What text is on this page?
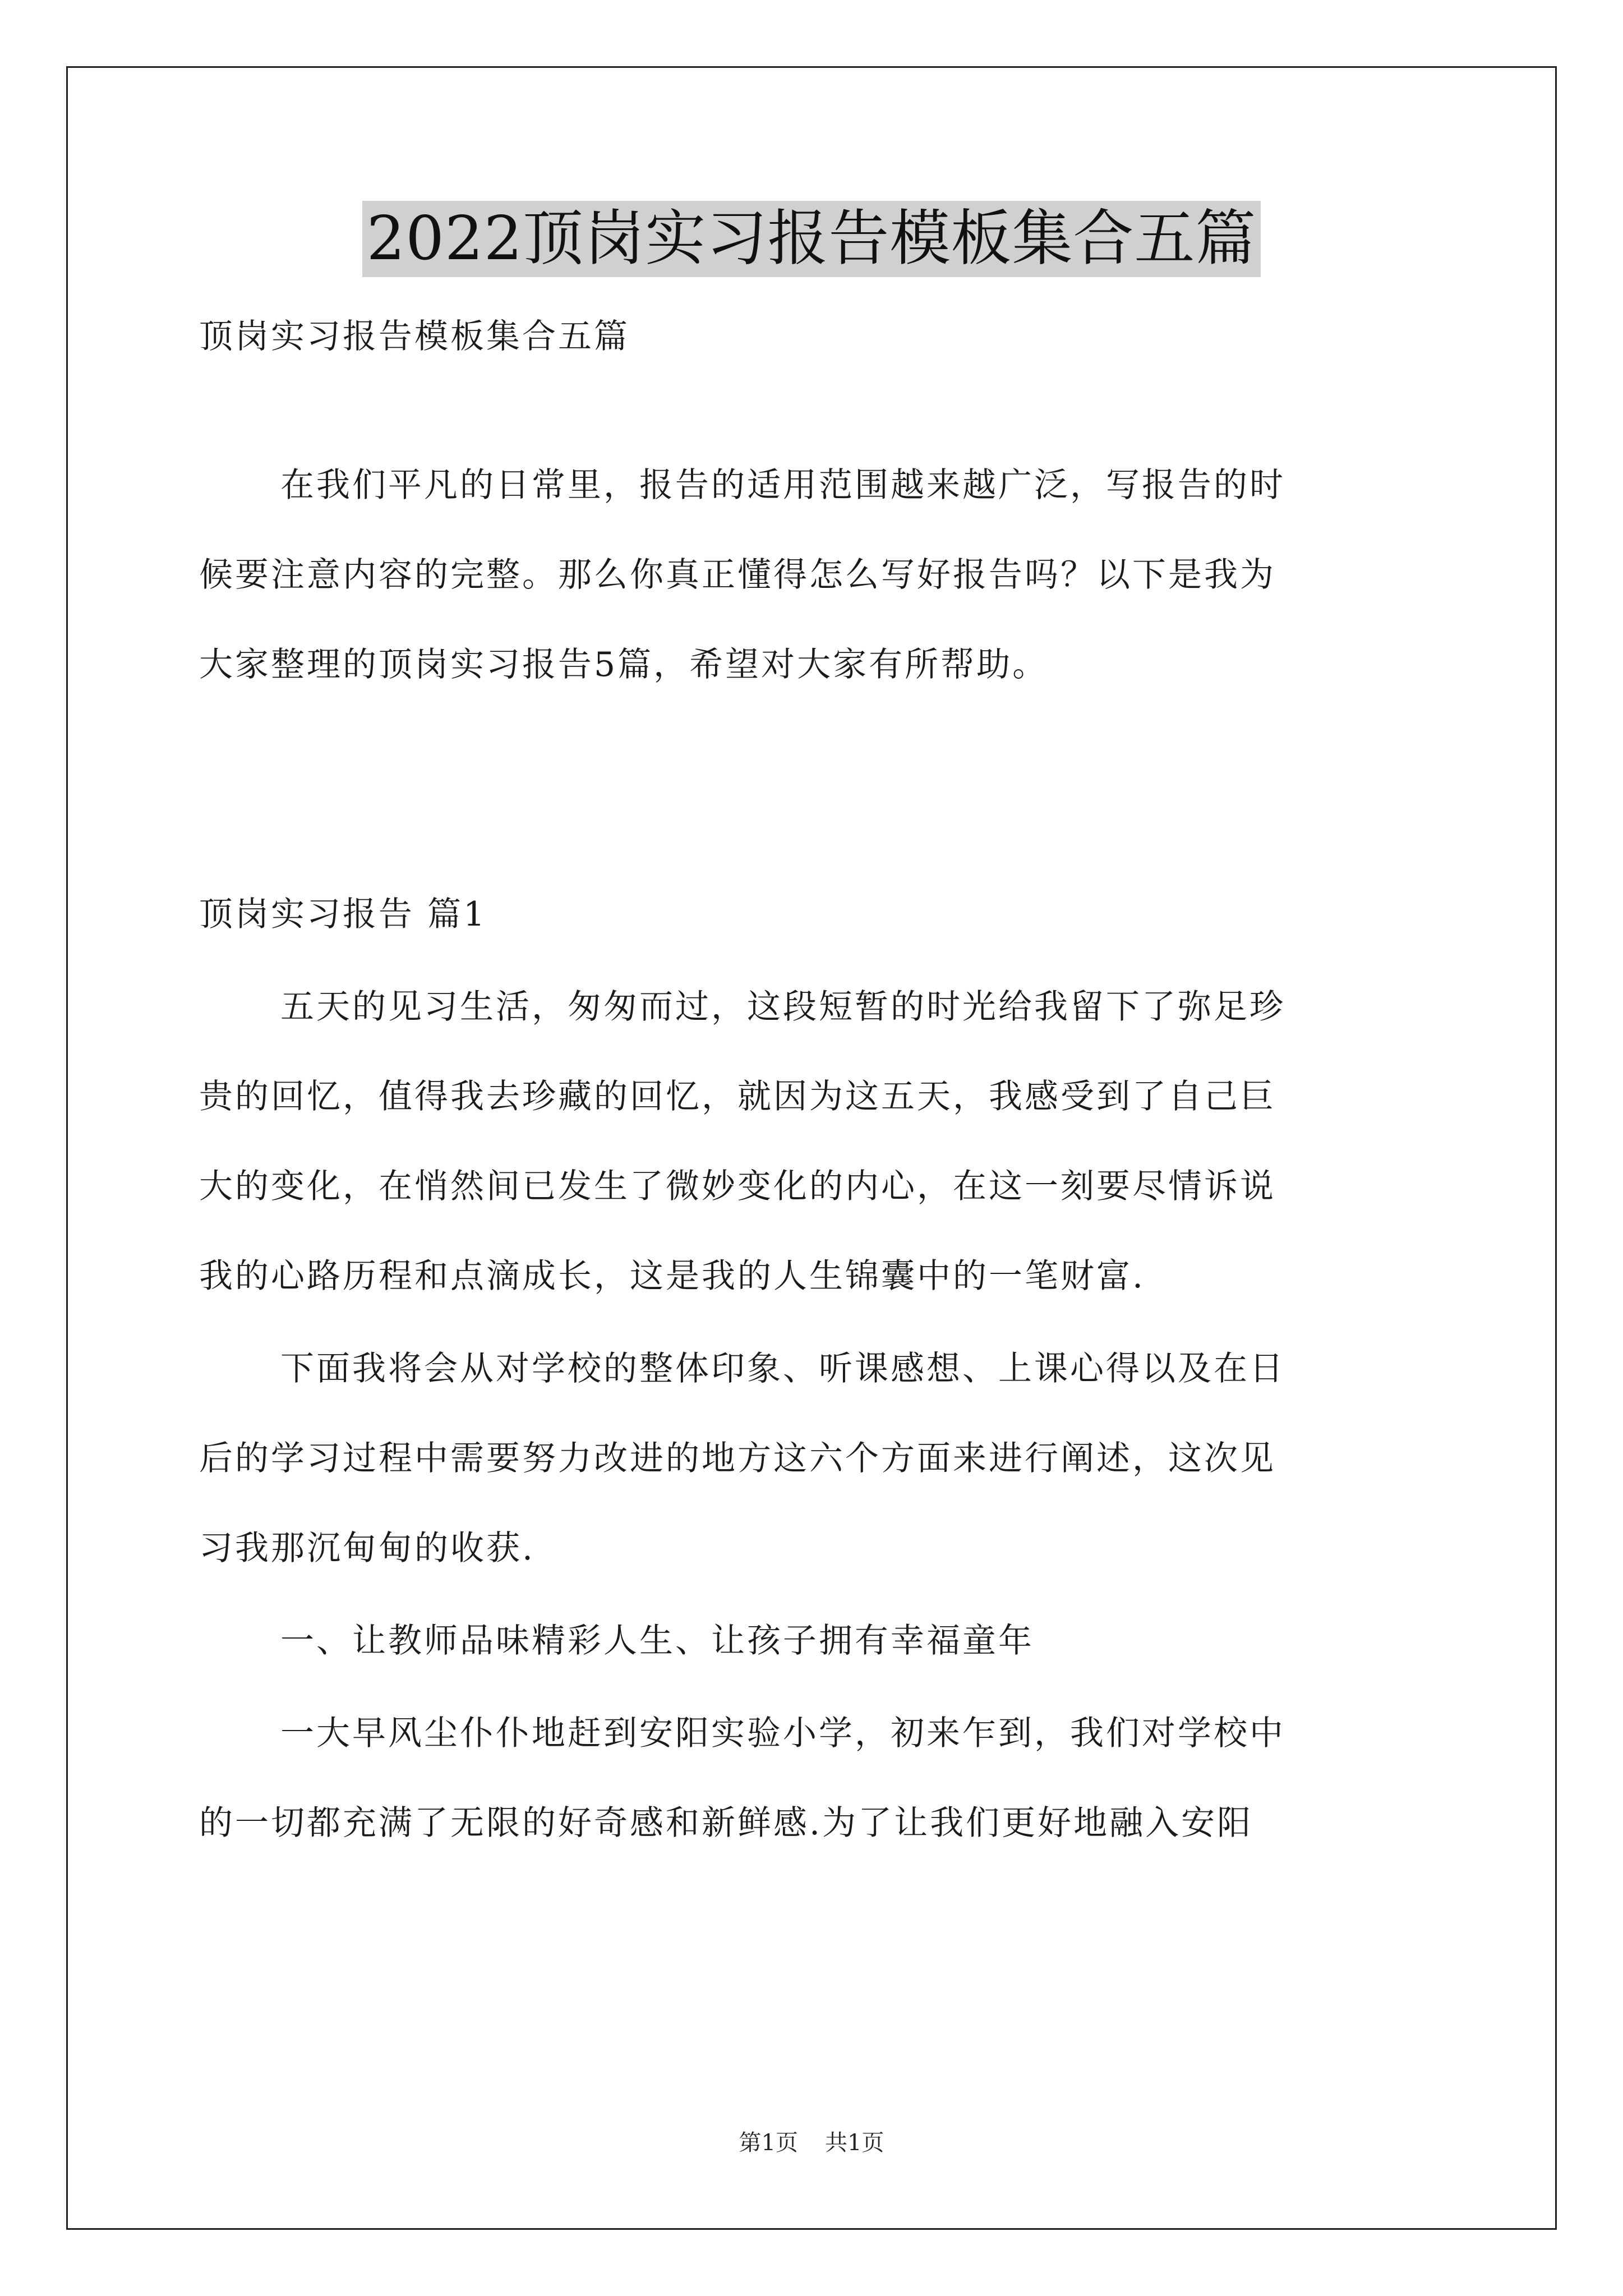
2022顶岗实习报告模板集合五篇
顶岗实习报告模板集合五篇
在我们平凡的日常里，报告的适用范围越来越广泛，写报告的时
候要注意内容的完整。那么你真正懂得怎么写好报告吗？以下是我为
大家整理的顶岗实习报告5篇，希望对大家有所帮助。
顶岗实习报告 篇1
五天的见习生活，匆匆而过，这段短暂的时光给我留下了弥足珍
贵的回忆，值得我去珍藏的回忆，就因为这五天，我感受到了自己巨
大的变化，在悄然间已发生了微妙变化的内心，在这一刻要尽情诉说
我的心路历程和点滴成长，这是我的人生锦囊中的一笔财富.
下面我将会从对学校的整体印象、听课感想、上课心得以及在日
后的学习过程中需要努力改进的地方这六个方面来进行阐述，这次见
习我那沉甸甸的收获.
一、让教师品味精彩人生、让孩子拥有幸福童年
一大早风尘仆仆地赶到安阳实验小学，初来乍到，我们对学校中
的一切都充满了无限的好奇感和新鲜感.为了让我们更好地融入安阳
第1页 共1页
